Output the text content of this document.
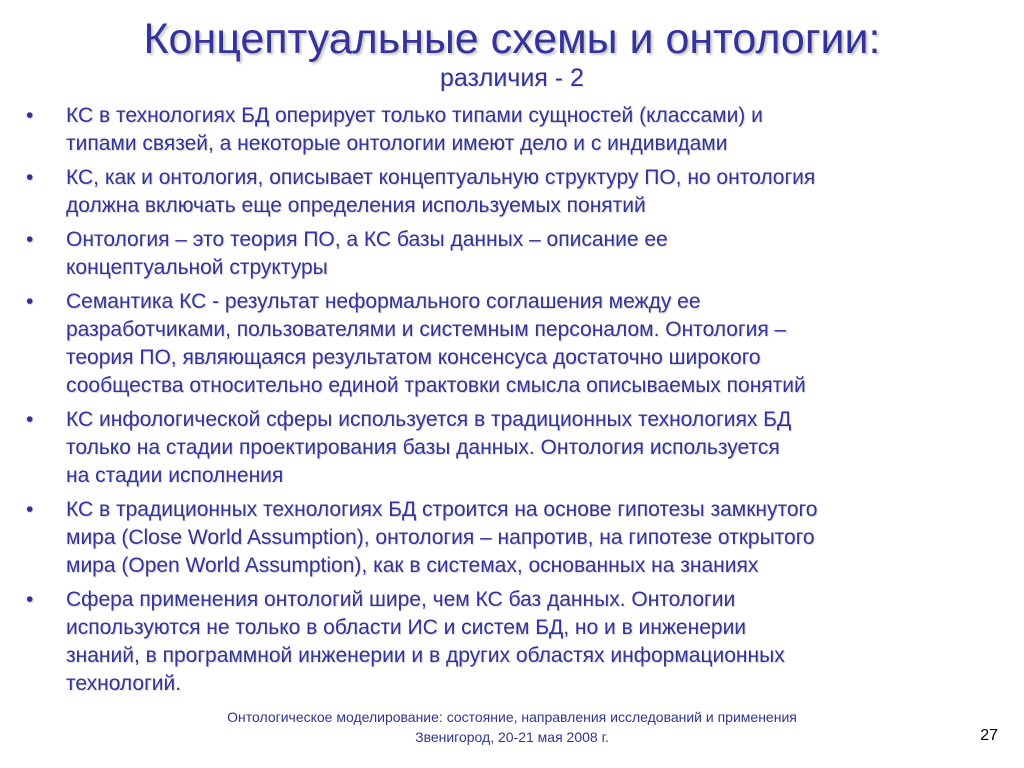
Концептуальные схемы и онтологии:
различия - 2
• КС в технологиях БД оперирует только типами сущностей (классами) и
типами связей, а некоторые онтологии имеют дело и с индивидами
• КС, как и онтология, описывает концептуальную структуру ПО, но онтология
должна включать еще определения используемых понятий
• Онтология – это теория ПО, а КС базы данных – описание ее
концептуальной структуры
• Семантика КС - результат неформального соглашения между ее
разработчиками, пользователями и системным персоналом. Онтология –
теория ПО, являющаяся результатом консенсуса достаточно широкого
сообщества относительно единой трактовки смысла описываемых понятий
• КС инфологической сферы используется в традиционных технологиях БД
только на стадии проектирования базы данных. Онтология используется
на стадии исполнения
• КС в традиционных технологиях БД строится на основе гипотезы замкнутого
мира (Close World Assumption), онтология – напротив, на гипотезе открытого
мира (Open World Assumption), как в системах, основанных на знаниях
• Сфера применения онтологий шире, чем КС баз данных. Онтологии
используются не только в области ИС и систем БД, но и в инженерии
знаний, в программной инженерии и в других областях информационных
технологий.
Онтологическое моделирование: состояние, направления исследований и применения
Звенигород, 20-21 мая 2008 г.	27
